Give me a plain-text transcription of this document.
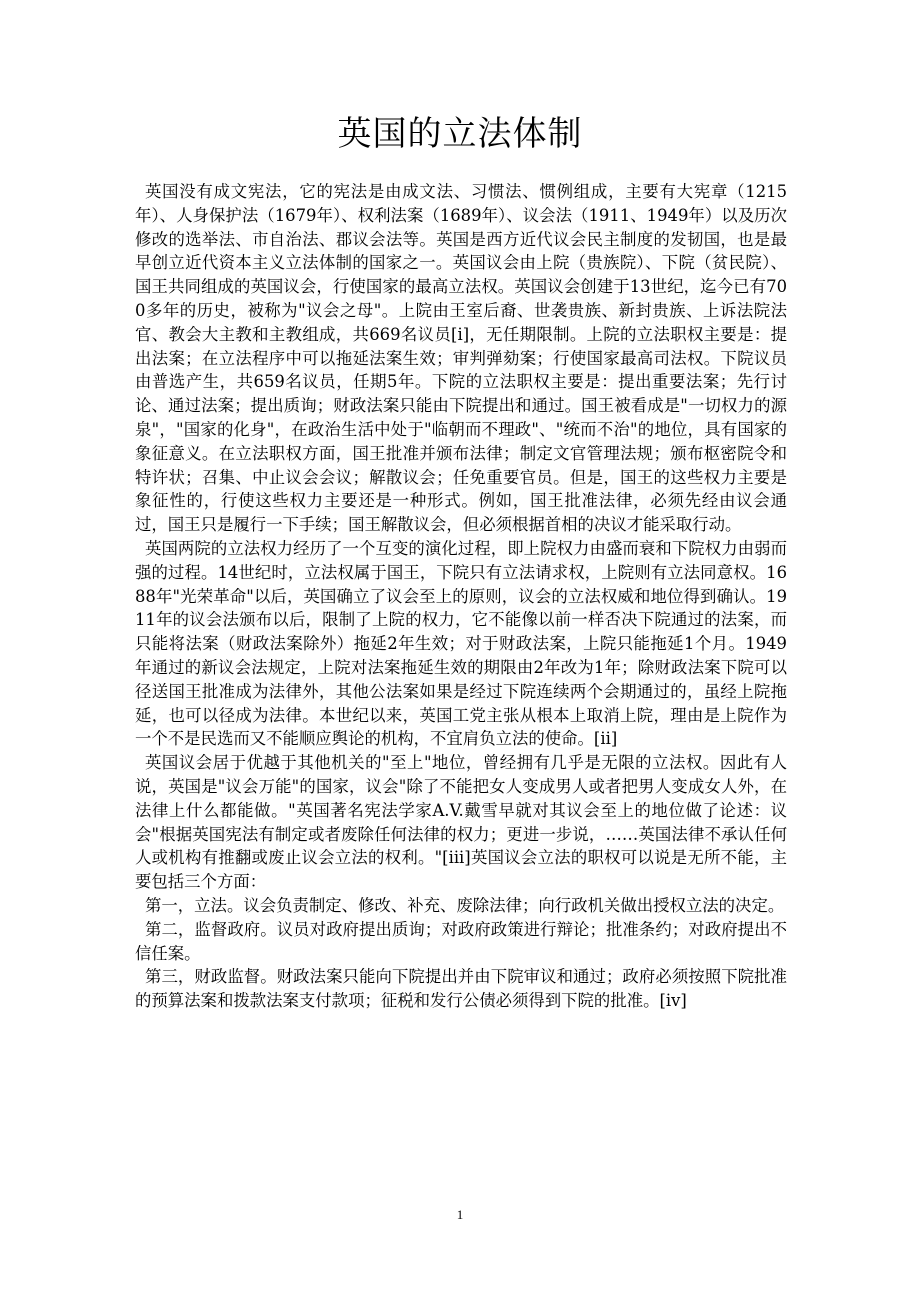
英国的立法体制

英国没有成文宪法，它的宪法是由成文法、习惯法、惯例组成，主要有大宪章（1215年）、人身保护法（1679年）、权利法案（1689年）、议会法（1911、1949年）以及历次修改的选举法、市自治法、郡议会法等。英国是西方近代议会民主制度的发韧国，也是最早创立近代资本主义立法体制的国家之一。英国议会由上院（贵族院）、下院（贫民院）、国王共同组成的英国议会，行使国家的最高立法权。英国议会创建于13世纪，迄今已有700多年的历史，被称为"议会之母"。上院由王室后裔、世袭贵族、新封贵族、上诉法院法官、教会大主教和主教组成，共669名议员[i]，无任期限制。上院的立法职权主要是：提出法案；在立法程序中可以拖延法案生效；审判弹劾案；行使国家最高司法权。下院议员由普选产生，共659名议员，任期5年。下院的立法职权主要是：提出重要法案；先行讨论、通过法案；提出质询；财政法案只能由下院提出和通过。国王被看成是"一切权力的源泉"，"国家的化身"，在政治生活中处于"临朝而不理政"、"统而不治"的地位，具有国家的象征意义。在立法职权方面，国王批准并颁布法律；制定文官管理法规；颁布枢密院令和特许状；召集、中止议会会议；解散议会；任免重要官员。但是，国王的这些权力主要是象征性的，行使这些权力主要还是一种形式。例如，国王批准法律，必须先经由议会通过，国王只是履行一下手续；国王解散议会，但必须根据首相的决议才能采取行动。

英国两院的立法权力经历了一个互变的演化过程，即上院权力由盛而衰和下院权力由弱而强的过程。14世纪时，立法权属于国王，下院只有立法请求权，上院则有立法同意权。1688年"光荣革命"以后，英国确立了议会至上的原则，议会的立法权威和地位得到确认。1911年的议会法颁布以后，限制了上院的权力，它不能像以前一样否决下院通过的法案，而只能将法案（财政法案除外）拖延2年生效；对于财政法案，上院只能拖延1个月。1949年通过的新议会法规定，上院对法案拖延生效的期限由2年改为1年；除财政法案下院可以径送国王批准成为法律外，其他公法案如果是经过下院连续两个会期通过的，虽经上院拖延，也可以径成为法律。本世纪以来，英国工党主张从根本上取消上院，理由是上院作为一个不是民选而又不能顺应舆论的机构，不宜肩负立法的使命。[ii]

英国议会居于优越于其他机关的"至上"地位，曾经拥有几乎是无限的立法权。因此有人说，英国是"议会万能"的国家，议会"除了不能把女人变成男人或者把男人变成女人外，在法律上什么都能做。"英国著名宪法学家A.V.戴雪早就对其议会至上的地位做了论述：议会"根据英国宪法有制定或者废除任何法律的权力；更进一步说，……英国法律不承认任何人或机构有推翻或废止议会立法的权利。"[iii]英国议会立法的职权可以说是无所不能，主要包括三个方面：

第一，立法。议会负责制定、修改、补充、废除法律；向行政机关做出授权立法的决定。

第二，监督政府。议员对政府提出质询；对政府政策进行辩论；批准条约；对政府提出不信任案。

第三，财政监督。财政法案只能向下院提出并由下院审议和通过；政府必须按照下院批准的预算法案和拨款法案支付款项；征税和发行公债必须得到下院的批准。[iv]

1
